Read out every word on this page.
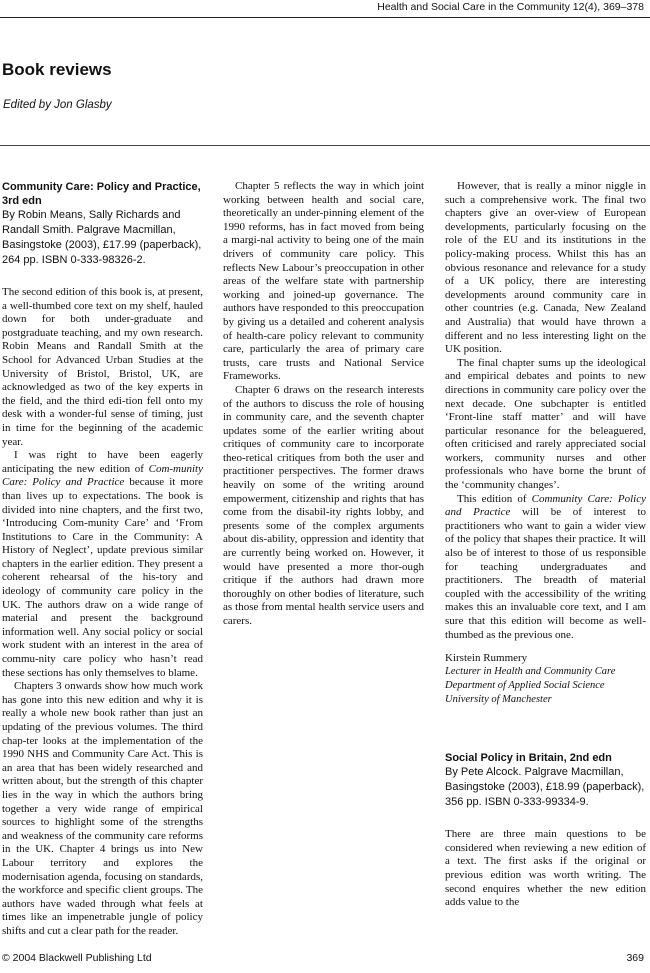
Health and Social Care in the Community 12(4), 369–378
Book reviews

Edited by Jon Glasby

Community Care: Policy and Practice, 3rd edn

By Robin Means, Sally Richards and Randall Smith. Palgrave Macmillan, Basingstoke (2003), £17.99 (paperback), 264 pp. ISBN 0-333-98326-2.

The second edition of this book is, at present, a well-thumbed core text on my shelf, hauled down for both under-graduate and postgraduate teaching, and my own research. Robin Means and Randall Smith at the School for Advanced Urban Studies at the University of Bristol, Bristol, UK, are acknowledged as two of the key experts in the field, and the third edi-tion fell onto my desk with a wonder-ful sense of timing, just in time for the beginning of the academic year.

I was right to have been eagerly anticipating the new edition of Com-munity Care: Policy and Practice because it more than lives up to expectations. The book is divided into nine chapters, and the first two, ‘Introducing Com-munity Care’ and ‘From Institutions to Care in the Community: A History of Neglect’, update previous similar chapters in the earlier edition. They present a coherent rehearsal of the his-tory and ideology of community care policy in the UK. The authors draw on a wide range of material and present the background information well. Any social policy or social work student with an interest in the area of commu-nity care policy who hasn’t read these sections has only themselves to blame.

Chapters 3 onwards show how much work has gone into this new edition and why it is really a whole new book rather than just an updating of the previous volumes. The third chap-ter looks at the implementation of the 1990 NHS and Community Care Act. This is an area that has been widely researched and written about, but the strength of this chapter lies in the way in which the authors bring together a very wide range of empirical sources to highlight some of the strengths and weakness of the community care reforms in the UK. Chapter 4 brings us into New Labour territory and explores the modernisation agenda, focusing on standards, the workforce and specific client groups. The authors have waded through what feels at times like an impenetrable jungle of policy shifts and cut a clear path for the reader.

Chapter 5 reflects the way in which joint working between health and social care, theoretically an under-pinning element of the 1990 reforms, has in fact moved from being a margi-nal activity to being one of the main drivers of community care policy. This reflects New Labour’s preoccupation in other areas of the welfare state with partnership working and joined-up governance. The authors have responded to this preoccupation by giving us a detailed and coherent analysis of health-care policy relevant to community care, particularly the area of primary care trusts, care trusts and National Service Frameworks.

Chapter 6 draws on the research interests of the authors to discuss the role of housing in community care, and the seventh chapter updates some of the earlier writing about critiques of community care to incorporate theo-retical critiques from both the user and practitioner perspectives. The former draws heavily on some of the writing around empowerment, citizenship and rights that has come from the disabil-ity rights lobby, and presents some of the complex arguments about dis-ability, oppression and identity that are currently being worked on. However, it would have presented a more thor-ough critique if the authors had drawn more thoroughly on other bodies of literature, such as those from mental health service users and carers.

However, that is really a minor niggle in such a comprehensive work. The final two chapters give an over-view of European developments, particularly focusing on the role of the EU and its institutions in the policy-making process. Whilst this has an obvious resonance and relevance for a study of a UK policy, there are interesting developments around community care in other countries (e.g. Canada, New Zealand and Australia) that would have thrown a different and no less interesting light on the UK position.

The final chapter sums up the ideological and empirical debates and points to new directions in community care policy over the next decade. One subchapter is entitled ‘Front-line staff matter’ and will have particular resonance for the beleaguered, often criticised and rarely appreciated social workers, community nurses and other professionals who have borne the brunt of the ‘community changes’.

This edition of Community Care: Policy and Practice will be of interest to practitioners who want to gain a wider view of the policy that shapes their practice. It will also be of interest to those of us responsible for teaching undergraduates and practitioners. The breadth of material coupled with the accessibility of the writing makes this an invaluable core text, and I am sure that this edition will become as well-thumbed as the previous one.

Kirstein Rummery

Lecturer in Health and Community Care

Department of Applied Social Science

University of Manchester

Social Policy in Britain, 2nd edn

By Pete Alcock. Palgrave Macmillan, Basingstoke (2003), £18.99 (paperback), 356 pp. ISBN 0-333-99334-9.

There are three main questions to be considered when reviewing a new edition of a text. The first asks if the original or previous edition was worth writing. The second enquires whether the new edition adds value to the

© 2004 Blackwell Publishing Ltd	369
